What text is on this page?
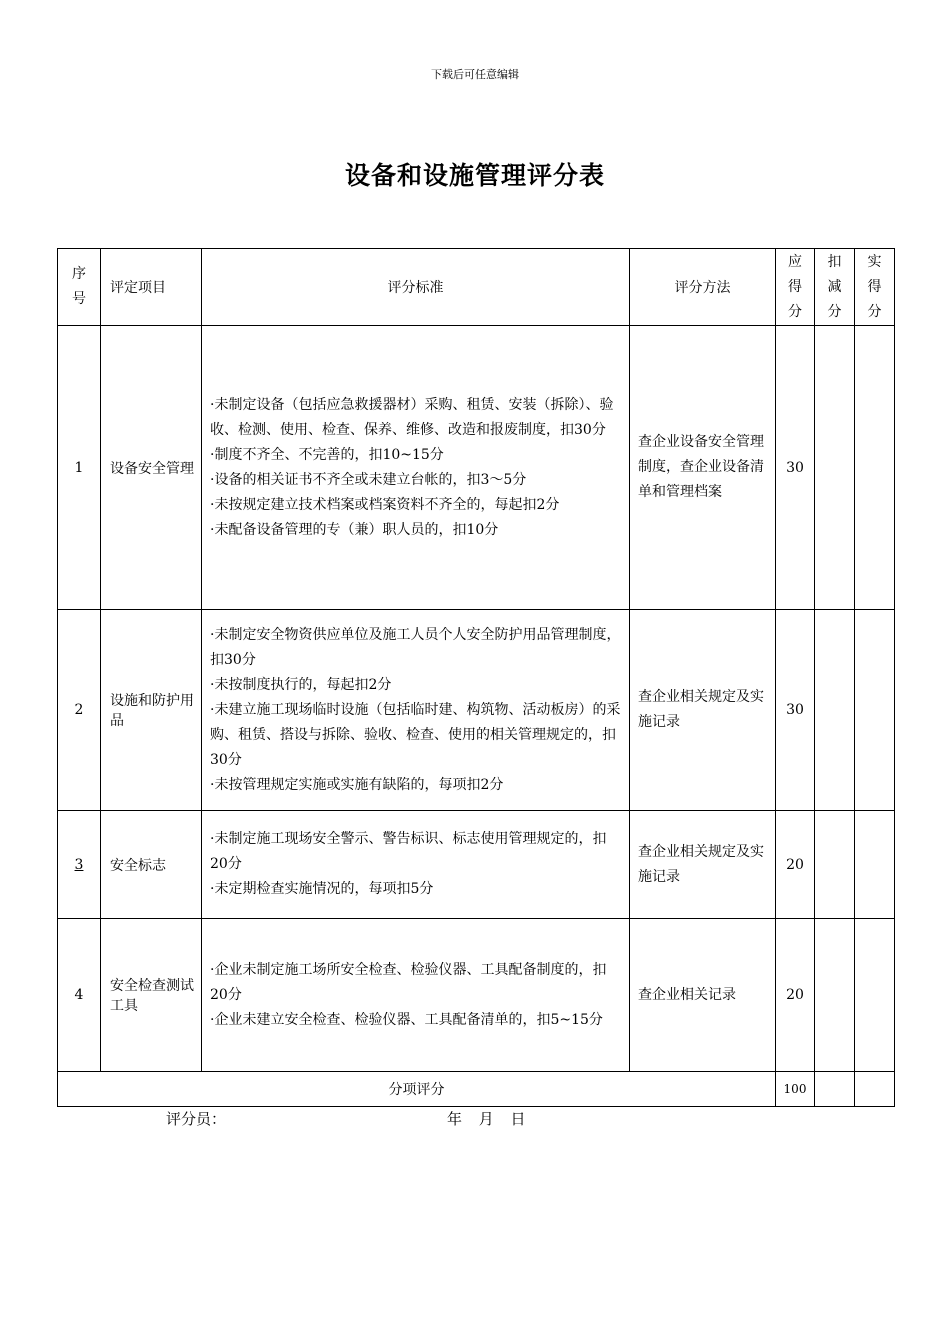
下载后可任意编辑
设备和设施管理评分表
序
号	评定项目	评分标准	评分方法	应
得
分	扣
减
分	实
得
分

1	设备安全管理	·未制定设备（包括应急救援器材）采购、租赁、安装（拆除）、验收、检测、使用、检查、保养、维修、改造和报废制度，扣30分
·制度不齐全、不完善的，扣10~15分
·设备的相关证书不齐全或未建立台帐的，扣3～5分
·未按规定建立技术档案或档案资料不齐全的，每起扣2分
·未配备设备管理的专（兼）职人员的，扣10分	查企业设备安全管理制度，查企业设备清单和管理档案	30		
2	设施和防护用品	·未制定安全物资供应单位及施工人员个人安全防护用品管理制度，扣30分
·未按制度执行的，每起扣2分
·未建立施工现场临时设施（包括临时建、构筑物、活动板房）的采购、租赁、搭设与拆除、验收、检查、使用的相关管理规定的，扣30分
·未按管理规定实施或实施有缺陷的，每项扣2分	查企业相关规定及实施记录	30		
3	安全标志	·未制定施工现场安全警示、警告标识、标志使用管理规定的，扣20分
·未定期检查实施情况的，每项扣5分	查企业相关规定及实施记录	20		
4	安全检查测试工具	·企业未制定施工场所安全检查、检验仪器、工具配备制度的，扣20分
·企业未建立安全检查、检验仪器、工具配备清单的，扣5~15分	查企业相关记录	20		
分项评分				100		
评分员：	年 月 日
